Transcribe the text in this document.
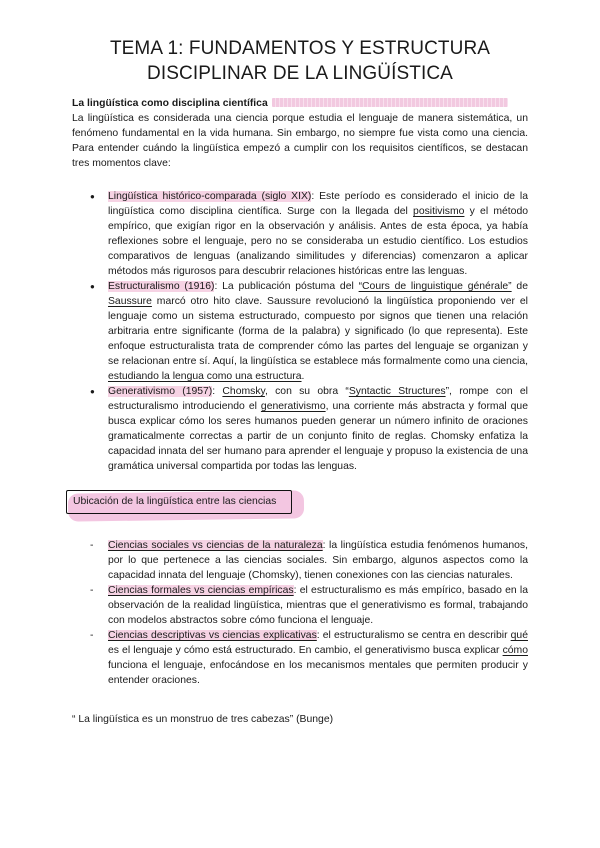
TEMA 1: FUNDAMENTOS Y ESTRUCTURA
DISCIPLINAR DE LA LINGÜÍSTICA
La lingüística como disciplina científica
La lingüística es considerada una ciencia porque estudia el lenguaje de manera sistemática, un fenómeno fundamental en la vida humana. Sin embargo, no siempre fue vista como una ciencia. Para entender cuándo la lingüística empezó a cumplir con los requisitos científicos, se destacan tres momentos clave:
● Lingüística histórico-comparada (siglo XIX): Este período es considerado el inicio de la lingüística como disciplina científica. Surge con la llegada del positivismo y el método empírico, que exigían rigor en la observación y análisis. Antes de esta época, ya había reflexiones sobre el lenguaje, pero no se consideraba un estudio científico. Los estudios comparativos de lenguas (analizando similitudes y diferencias) comenzaron a aplicar métodos más rigurosos para descubrir relaciones históricas entre las lenguas.
● Estructuralismo (1916): La publicación póstuma del “Cours de linguistique générale” de Saussure marcó otro hito clave. Saussure revolucionó la lingüística proponiendo ver el lenguaje como un sistema estructurado, compuesto por signos que tienen una relación arbitraria entre significante (forma de la palabra) y significado (lo que representa). Este enfoque estructuralista trata de comprender cómo las partes del lenguaje se organizan y se relacionan entre sí. Aquí, la lingüística se establece más formalmente como una ciencia, estudiando la lengua como una estructura.
● Generativismo (1957): Chomsky, con su obra “Syntactic Structures”, rompe con el estructuralismo introduciendo el generativismo, una corriente más abstracta y formal que busca explicar cómo los seres humanos pueden generar un número infinito de oraciones gramaticalmente correctas a partir de un conjunto finito de reglas. Chomsky enfatiza la capacidad innata del ser humano para aprender el lenguaje y propuso la existencia de una gramática universal compartida por todas las lenguas.
Ubicación de la lingüística entre las ciencias
- Ciencias sociales vs ciencias de la naturaleza: la lingüística estudia fenómenos humanos, por lo que pertenece a las ciencias sociales. Sin embargo, algunos aspectos como la capacidad innata del lenguaje (Chomsky), tienen conexiones con las ciencias naturales.
- Ciencias formales vs ciencias empíricas: el estructuralismo es más empírico, basado en la observación de la realidad lingüística, mientras que el generativismo es formal, trabajando con modelos abstractos sobre cómo funciona el lenguaje.
- Ciencias descriptivas vs ciencias explicativas: el estructuralismo se centra en describir qué es el lenguaje y cómo está estructurado. En cambio, el generativismo busca explicar cómo funciona el lenguaje, enfocándose en los mecanismos mentales que permiten producir y entender oraciones.
“ La lingüística es un monstruo de tres cabezas” (Bunge)
